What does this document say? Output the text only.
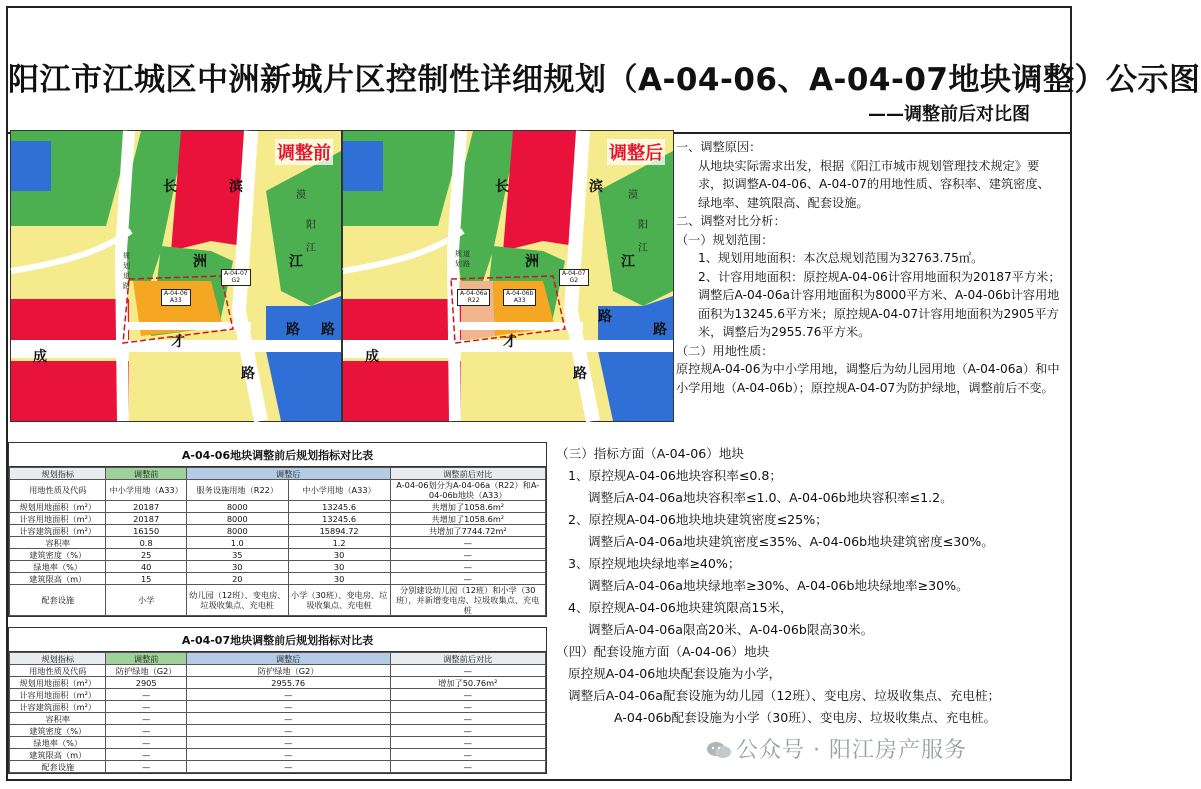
阳江市江城区中洲新城片区控制性详细规划（A-04-06、A-04-07地块调整）公示图
——调整前后对比图
调整前
长	滨
洲	江
路 路
才
成
路
漠
阳
江
规
划
道
路
A-04-06
A33
A-04-07
G2
调整后
长	滨
洲	江
路
路
才
成
路
漠
阳
江
规
划
道
路
A-04-06a
R22
A-04-06b
A33
A-04-07
G2

一、调整原因：

从地块实际需求出发，根据《阳江市城市规划管理技术规定》要求，拟调整A-04-06、A-04-07的用地性质、容积率、建筑密度、绿地率、建筑限高、配套设施。

二、调整对比分析：

（一）规划范围：

1、规划用地面积：本次总规划范围为32763.75㎡。

2、计容用地面积：原控规A-04-06计容用地面积为20187平方米；调整后A-04-06a计容用地面积为8000平方米、A-04-06b计容用地面积为13245.6平方米；原控规A-04-07计容用地面积为2905平方米，调整后为2955.76平方米。

（二）用地性质：

原控规A-04-06为中小学用地，调整后为幼儿园用地（A-04-06a）和中小学用地（A-04-06b）；原控规A-04-07为防护绿地，调整前后不变。

A-04-06地块调整前后规划指标对比表
规划指标	调整前	调整后		调整前后对比
用地性质及代码	中小学用地（A33）	服务设施用地（R22）	中小学用地（A33）	A-04-06划分为A-04-06a（R22）和A-04-06b地块（A33）
规划用地面积（m²）	20187	8000	13245.6	共增加了1058.6m²
计容用地面积（m²）	20187	8000	13245.6	共增加了1058.6m²
计容建筑面积（m²）	16150	8000	15894.72	共增加了7744.72m²
容积率	0.8	1.0	1.2	—
建筑密度（%）	25	35	30	—
绿地率（%）	40	30	30	—
建筑限高（m）	15	20	30	—
配套设施	小学	幼儿园（12班）、变电房、垃圾收集点、充电桩	小学（30班）、变电房、垃圾收集点、充电桩	分别建设幼儿园（12班）和小学（30班），并新增变电房、垃圾收集点、充电桩
A-04-07地块调整前后规划指标对比表
规划指标	调整前	调整后	调整前后对比
用地性质及代码	防护绿地（G2）	防护绿地（G2）	—
规划用地面积（m²）	2905	2955.76	增加了50.76m²
计容用地面积（m²）	—	—	—
计容建筑面积（m²）	—	—	—
容积率	—	—	—
建筑密度（%）	—	—	—
绿地率（%）	—	—	—
建筑限高（m）	—	—	—
配套设施	—	—	—

（三）指标方面（A-04-06）地块

1、原控规A-04-06地块容积率≤0.8；

调整后A-04-06a地块容积率≤1.0、A-04-06b地块容积率≤1.2。

2、原控规A-04-06地块地块建筑密度≤25%；

调整后A-04-06a地块建筑密度≤35%、A-04-06b地块建筑密度≤30%。

3、原控规地块绿地率≥40%；

调整后A-04-06a地块绿地率≥30%、A-04-06b地块绿地率≥30%。

4、原控规A-04-06地块建筑限高15米，

调整后A-04-06a限高20米、A-04-06b限高30米。

（四）配套设施方面（A-04-06）地块

原控规A-04-06地块配套设施为小学，

调整后A-04-06a配套设施为幼儿园（12班）、变电房、垃圾收集点、充电桩；

A-04-06b配套设施为小学（30班）、变电房、垃圾收集点、充电桩。

公众号 · 阳江房产服务
